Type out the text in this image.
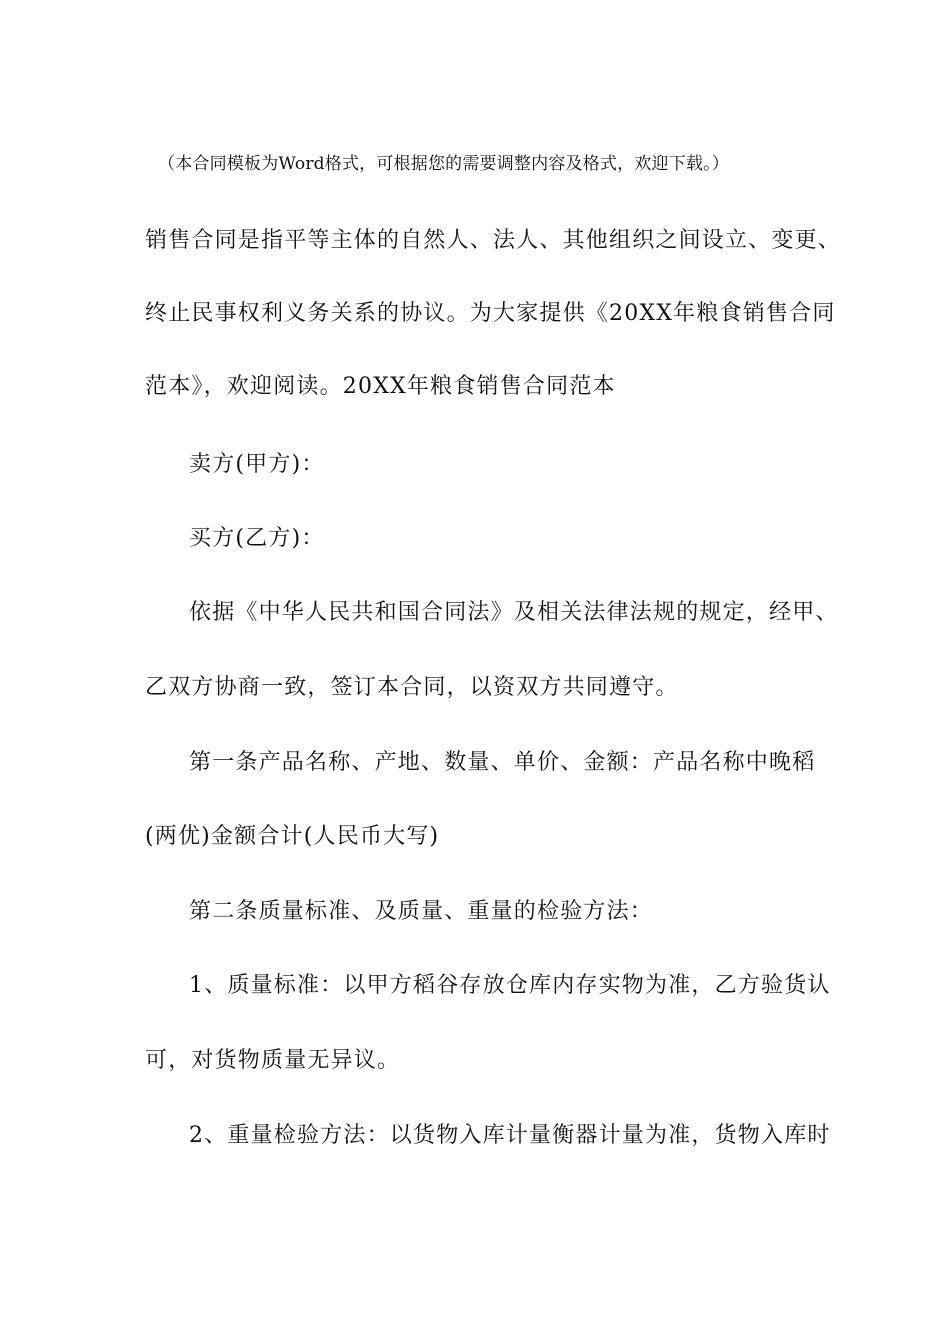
（本合同模板为Word格式，可根据您的需要调整内容及格式，欢迎下载。）
销售合同是指平等主体的自然人、法人、其他组织之间设立、变更、
终止民事权利义务关系的协议。为大家提供《20XX年粮食销售合同
范本》，欢迎阅读。20XX年粮食销售合同范本
卖方(甲方)：
买方(乙方)：
依据《中华人民共和国合同法》及相关法律法规的规定，经甲、
乙双方协商一致，签订本合同，以资双方共同遵守。
第一条产品名称、产地、数量、单价、金额：产品名称中晚稻
(两优)金额合计(人民币大写)
第二条质量标准、及质量、重量的检验方法：
1、质量标准：以甲方稻谷存放仓库内存实物为准，乙方验货认
可，对货物质量无异议。
2、重量检验方法：以货物入库计量衡器计量为准，货物入库时
